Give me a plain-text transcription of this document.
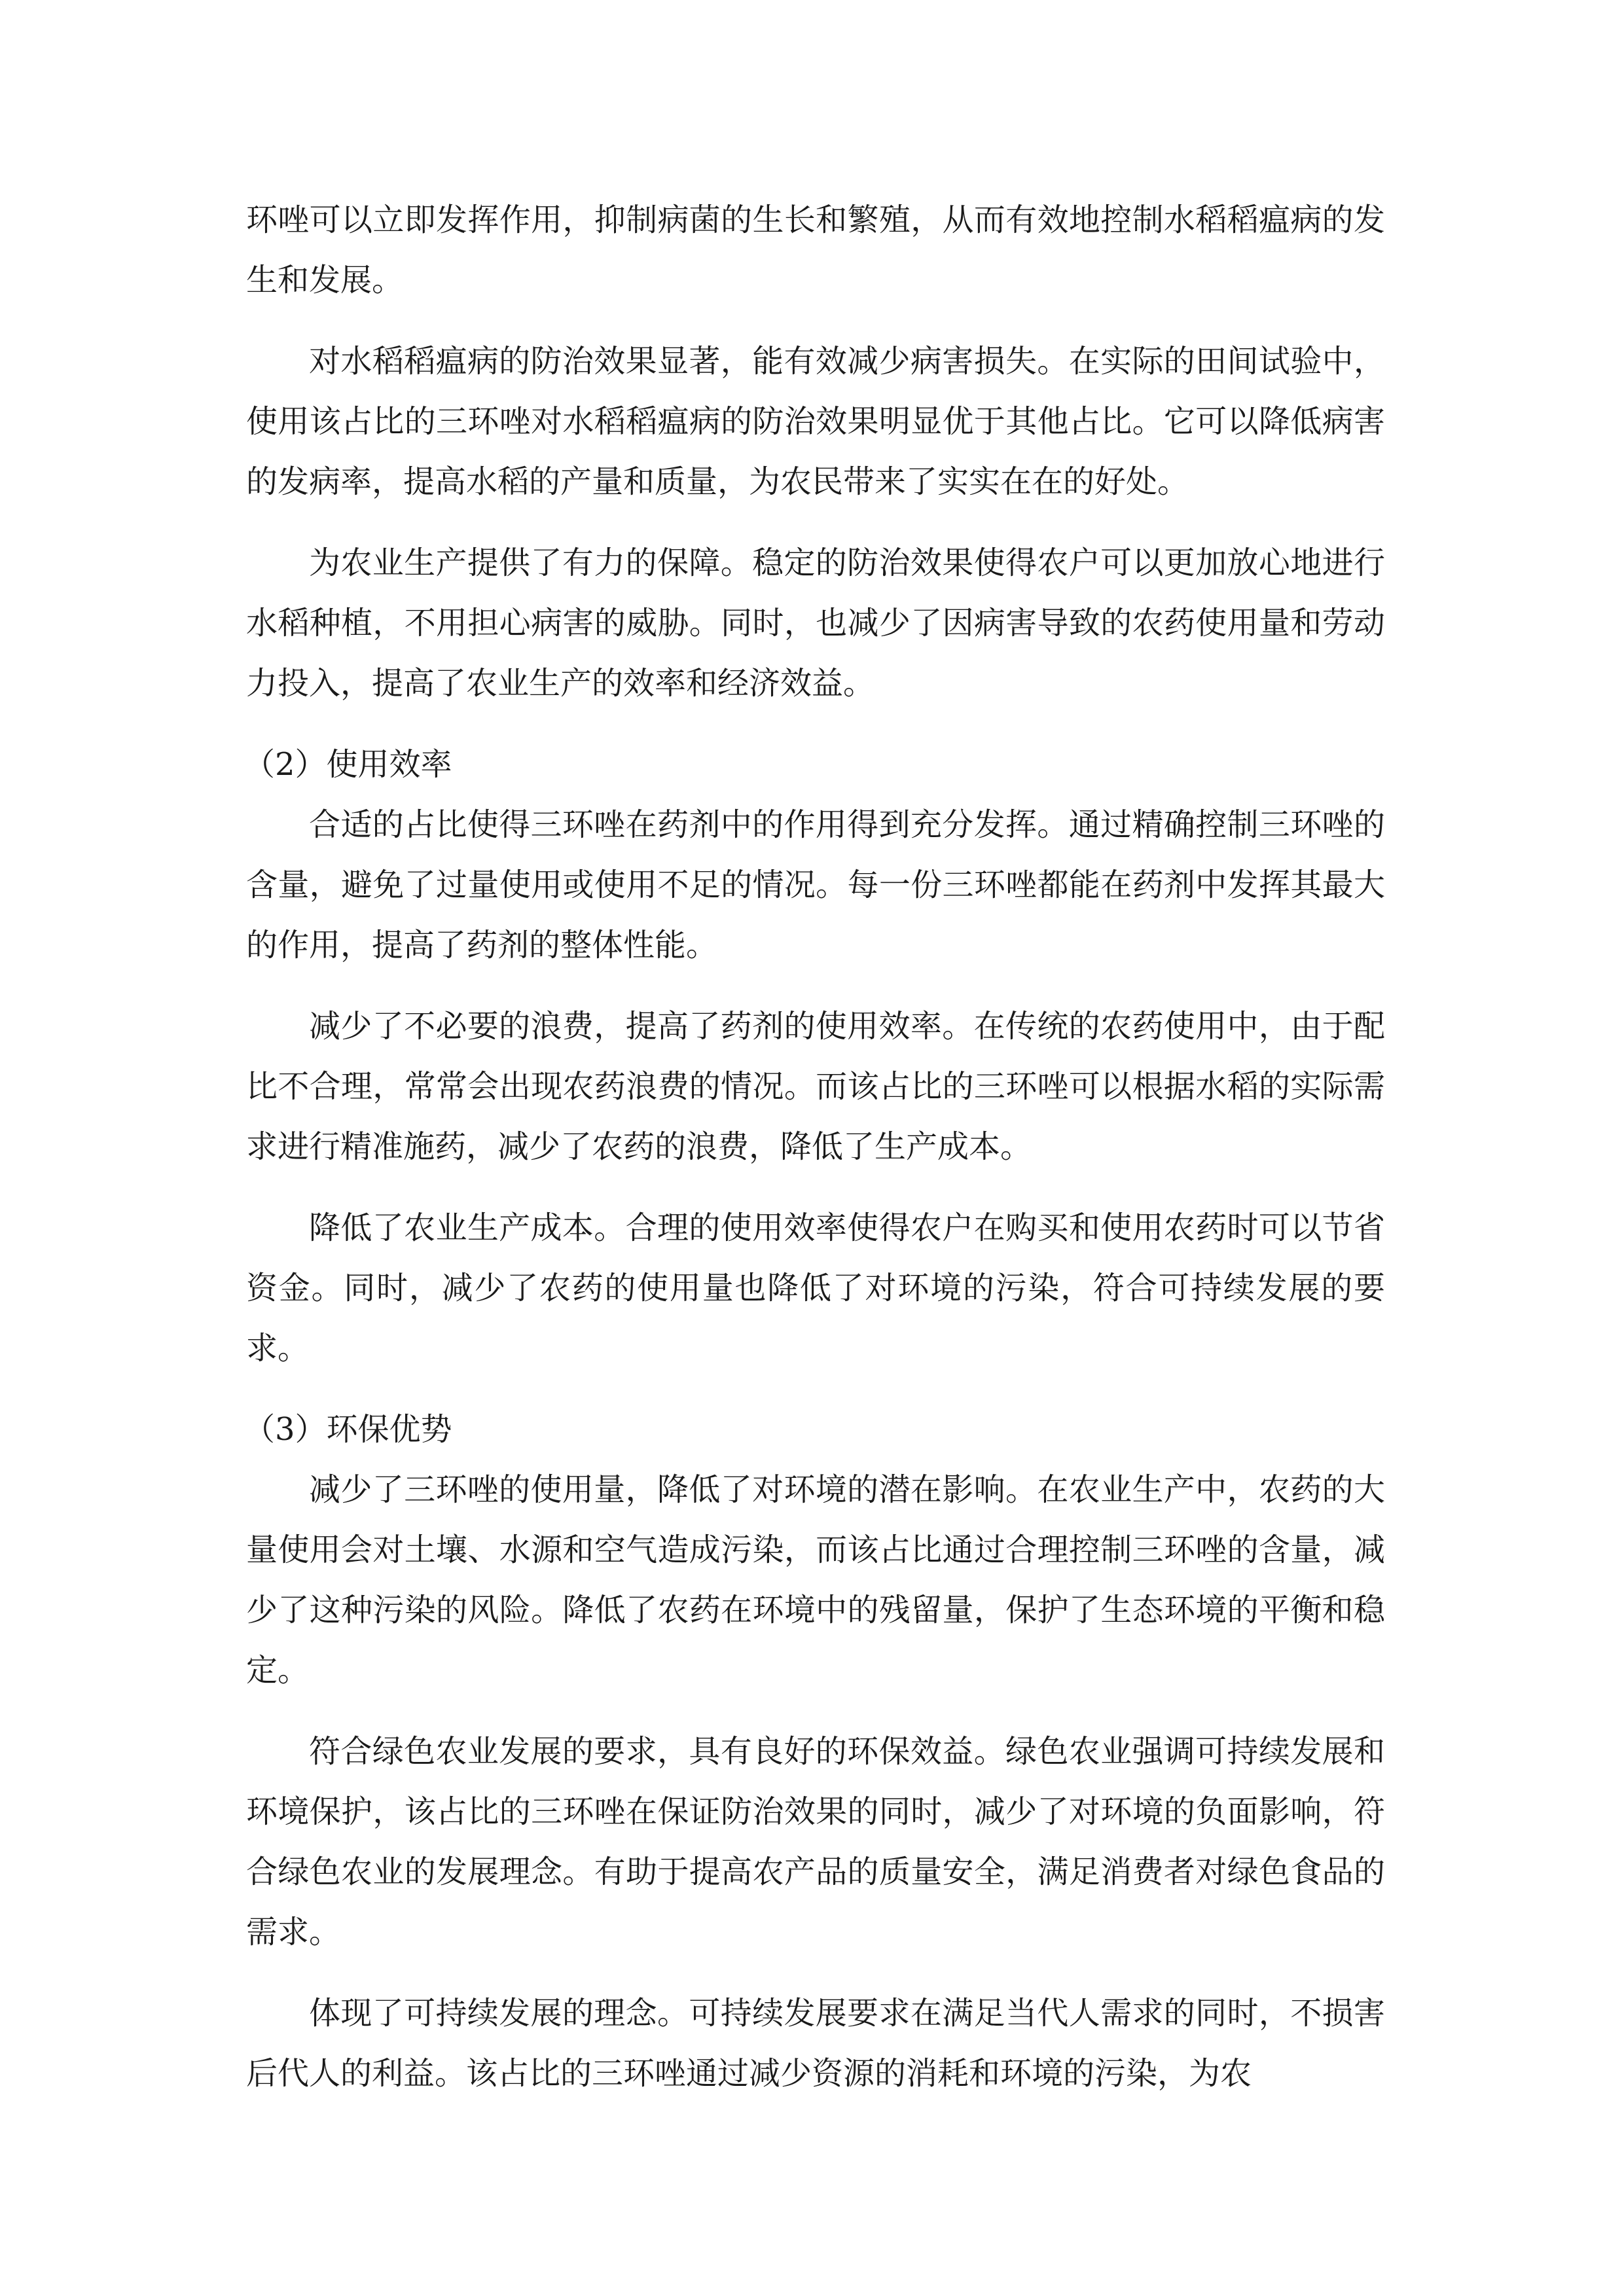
环唑可以立即发挥作用，抑制病菌的生长和繁殖，从而有效地控制水稻稻瘟病的发生和发展。

对水稻稻瘟病的防治效果显著，能有效减少病害损失。在实际的田间试验中，使用该占比的三环唑对水稻稻瘟病的防治效果明显优于其他占比。它可以降低病害的发病率，提高水稻的产量和质量，为农民带来了实实在在的好处。

为农业生产提供了有力的保障。稳定的防治效果使得农户可以更加放心地进行水稻种植，不用担心病害的威胁。同时，也减少了因病害导致的农药使用量和劳动力投入，提高了农业生产的效率和经济效益。

（2）使用效率

合适的占比使得三环唑在药剂中的作用得到充分发挥。通过精确控制三环唑的含量，避免了过量使用或使用不足的情况。每一份三环唑都能在药剂中发挥其最大的作用，提高了药剂的整体性能。

减少了不必要的浪费，提高了药剂的使用效率。在传统的农药使用中，由于配比不合理，常常会出现农药浪费的情况。而该占比的三环唑可以根据水稻的实际需求进行精准施药，减少了农药的浪费，降低了生产成本。

降低了农业生产成本。合理的使用效率使得农户在购买和使用农药时可以节省资金。同时，减少了农药的使用量也降低了对环境的污染，符合可持续发展的要求。

（3）环保优势

减少了三环唑的使用量，降低了对环境的潜在影响。在农业生产中，农药的大量使用会对土壤、水源和空气造成污染，而该占比通过合理控制三环唑的含量，减少了这种污染的风险。降低了农药在环境中的残留量，保护了生态环境的平衡和稳定。

符合绿色农业发展的要求，具有良好的环保效益。绿色农业强调可持续发展和环境保护，该占比的三环唑在保证防治效果的同时，减少了对环境的负面影响，符合绿色农业的发展理念。有助于提高农产品的质量安全，满足消费者对绿色食品的需求。

体现了可持续发展的理念。可持续发展要求在满足当代人需求的同时，不损害后代人的利益。该占比的三环唑通过减少资源的消耗和环境的污染，为农
